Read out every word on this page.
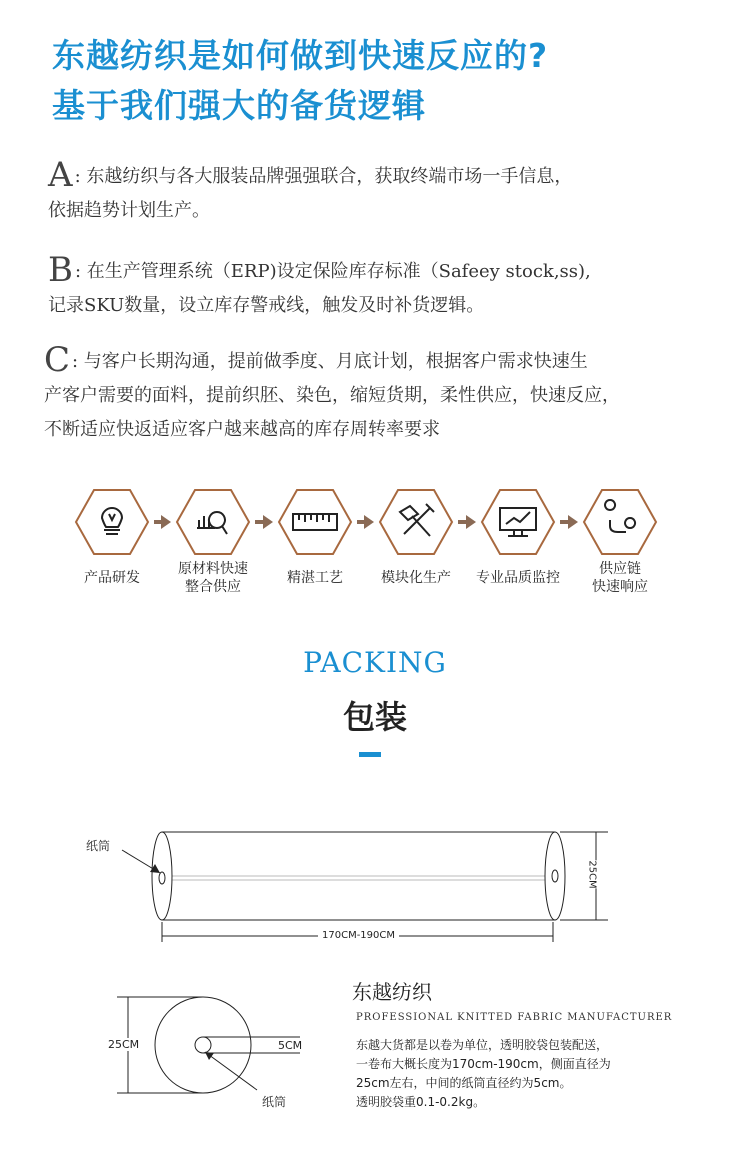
东越纺织是如何做到快速反应的?
基于我们强大的备货逻辑
A : 东越纺织与各大服装品牌强强联合，获取终端市场一手信息，
依据趋势计划生产。
B : 在生产管理系统（ERP)设定保险库存标准（Safeey stock,ss),
记录SKU数量，设立库存警戒线，触发及时补货逻辑。
C : 与客户长期沟通，提前做季度、月底计划，根据客户需求快速生
产客户需要的面料，提前织胚、染色，缩短货期，柔性供应，快速反应，
不断适应快返适应客户越来越高的库存周转率要求
产品研发
原材料快速
整合供应
精湛工艺	模块化生产	专业品质监控
供应链
快速响应
PACKING
包装
纸筒
170CM-190CM
25CM
25CM	5CM
纸筒
东越纺织
PROFESSIONAL KNITTED FABRIC MANUFACTURER
东越大货都是以卷为单位，透明胶袋包装配送，
一卷布大概长度为170cm-190cm，侧面直径为
25cm左右，中间的纸筒直径约为5cm。
透明胶袋重0.1-0.2kg。
